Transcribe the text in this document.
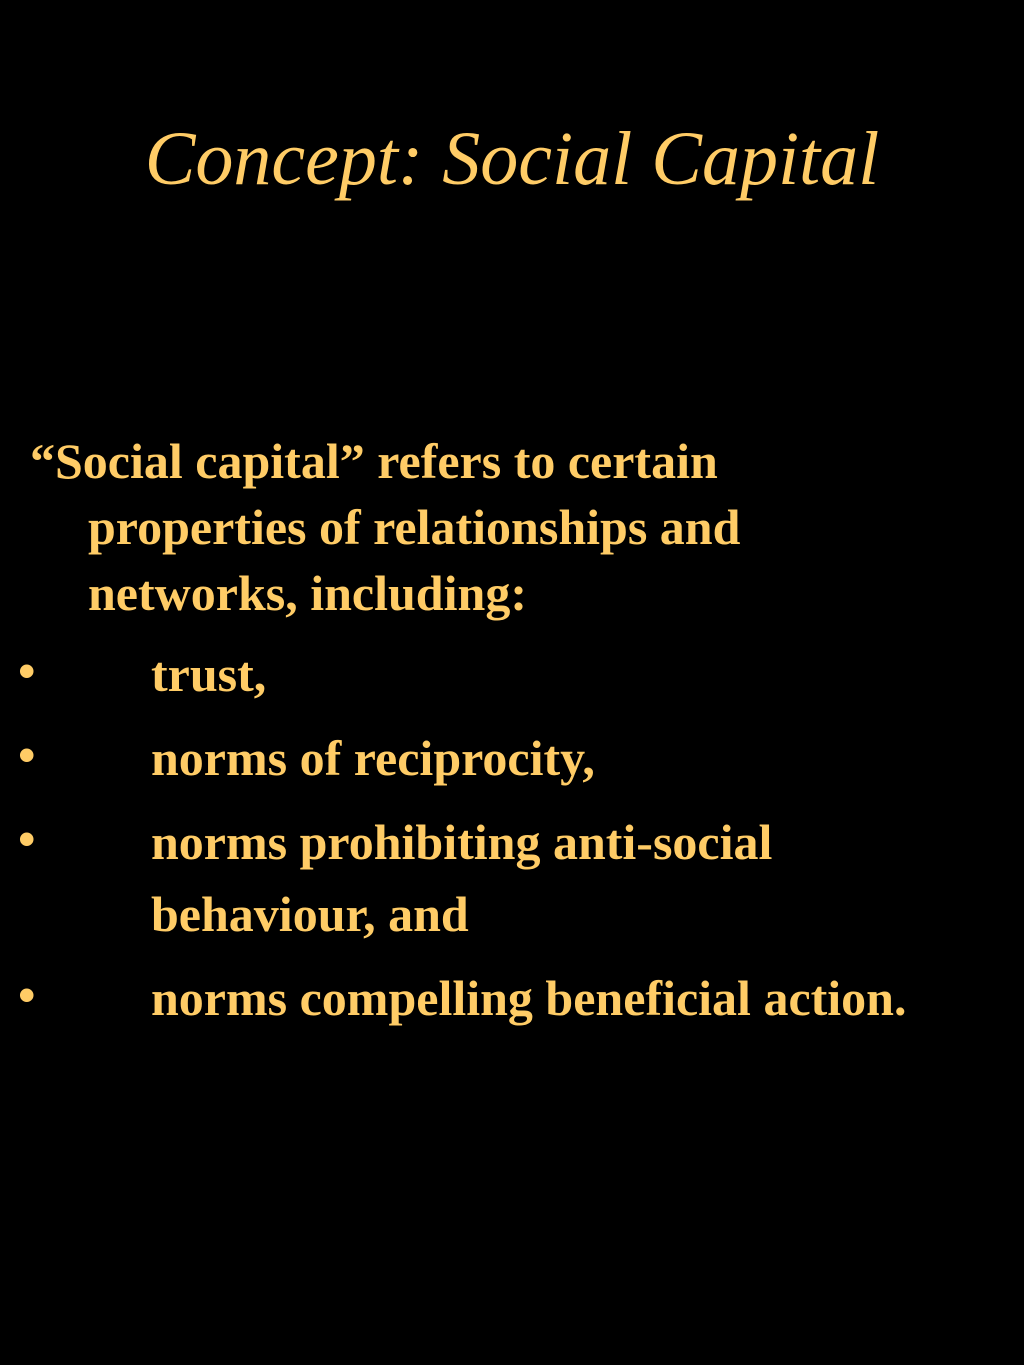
Concept: Social Capital

“Social capital” refers to certain properties of relationships and networks, including:

• trust,
• norms of reciprocity,
• norms prohibiting anti-social behaviour, and
• norms compelling beneficial action.
